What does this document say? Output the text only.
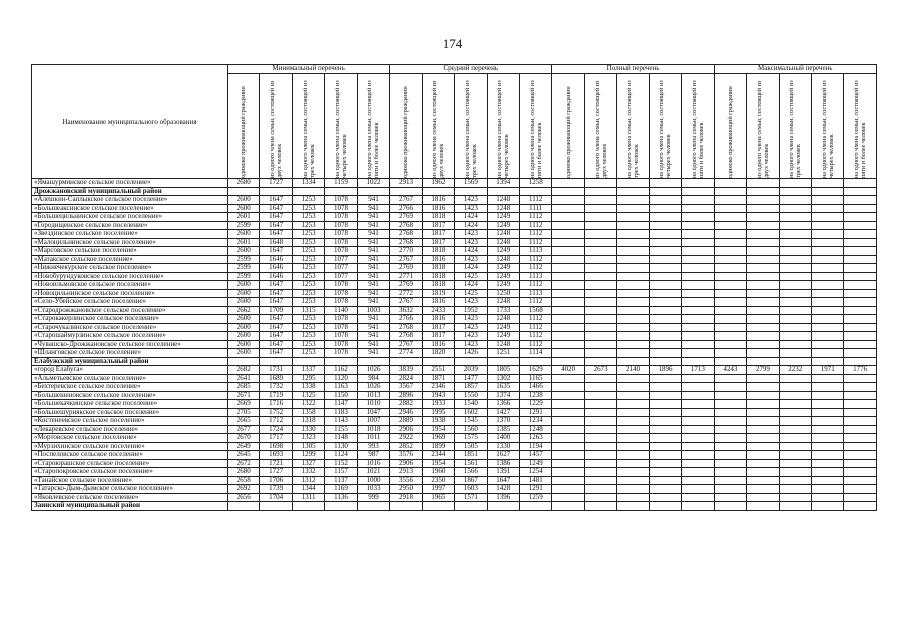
174
Наименование муниципального образования	Минимальный перечень					Средний перечень					Полный перечень					Максимальный перечень				

	одиноко проживающий гражданин	из одного члена семьи, состоящей из двух человек	на одного члена семьи, состоящей из трех человек	на одного члена семьи, состоящей из четырех человек	на одного члена семьи, состоящей из пяти и более человек	одиноко проживающий гражданин	из одного члена семьи, состоящей из двух человек	на одного члена семьи, состоящей из трех человек	на одного члена семьи, состоящей из четырех человек	на одного члена семьи, состоящей из пяти и более человек	одиноко проживающий гражданин	из одного члена семьи, состоящей из двух человек	на одного члена семьи, состоящей из трех человек	на одного члена семьи, состоящей из четырех человек	на одного члена семьи, состоящей из пяти и более человек	одиноко проживающий гражданин	из одного члена семьи, состоящей из двух человек	на одного члена семьи, состоящей из трех человек	на одного члена семьи, состоящей из четырех человек	на одного члена семьи, состоящей из пяти и более человек

«Ямашурминское сельское поселение»	2680	1727	1334	1159	1022	2913	1962	1569	1394	1258										
Дрожжановский муниципальный район																				
«Алешкин-Саплыкское сельское поселение»	2600	1647	1253	1078	941	2767	1816	1423	1248	1112										
«Большеаксинское сельское поселение»	2600	1647	1253	1078	941	2766	1816	1423	1248	1111										
«Большецильнинское сельское поселение»	2601	1647	1253	1078	941	2769	1818	1424	1249	1112										
«Городищенское сельское поселение»	2599	1647	1253	1078	941	2768	1817	1424	1249	1112										
«Звездинское сельское поселение»	2600	1647	1253	1078	941	2768	1817	1423	1248	1112										
«Малоцильнинское сельское поселение»	2601	1648	1253	1078	941	2768	1817	1423	1248	1112										
«Марсовское сельское поселение»	2600	1647	1253	1078	941	2770	1818	1424	1249	1113										
«Матакское сельское поселение»	2599	1646	1253	1077	941	2767	1816	1423	1248	1112										
«Нижнечекурское сельское поселение»	2599	1646	1253	1077	941	2769	1818	1424	1249	1112										
«Новобурундуковское сельское поселение»	2599	1646	1253	1077	941	2771	1818	1425	1249	1113										
«Новоильмовское сельское поселение»	2600	1647	1253	1078	941	2769	1818	1424	1249	1112										
«Новоцильнинское сельское поселение»	2600	1647	1253	1078	941	2772	1819	1425	1250	1113										
«Село-Убейское сельское поселение»	2600	1647	1253	1078	941	2767	1816	1423	1248	1112										
«Стародрожжановское сельское поселение»	2662	1709	1315	1140	1003	3632	2433	1952	1733	1568										
«Старокакерлинское сельское поселение»	2600	1647	1253	1078	941	2766	1816	1423	1248	1112										
«Старочукалинское сельское поселение»	2600	1647	1253	1078	941	2768	1817	1423	1249	1112										
«Старошаймурзинское сельское поселение»	2600	1647	1253	1078	941	2768	1817	1423	1249	1112										
«Чувашско-Дрожжановское сельское поселение»	2600	1647	1253	1078	941	2767	1816	1423	1248	1112										
«Шланговское сельское поселение»	2600	1647	1253	1078	941	2774	1820	1426	1251	1114										
Елабужский муниципальный район																				
«город Елабуга»	2682	1731	1337	1162	1026	3839	2551	2039	1805	1629	4020	2673	2140	1896	1713	4243	2799	2232	1971	1776
«Альметьевское сельское поселение»	2641	1689	1295	1120	984	2824	1871	1477	1302	1165										
«Бехтеревское сельское поселение»	2685	1732	1338	1163	1026	3567	2346	1857	1635	1466										
«Большешеновское сельское поселение»	2671	1719	1325	1150	1013	2896	1943	1550	1374	1238										
«Большекачкинское сельское поселение»	2669	1716	1322	1147	1010	2882	1933	1540	1366	1229										
«Большешурнякское сельское поселение»	2705	1752	1358	1183	1047	2946	1995	1602	1427	1291										
«Костенеевское сельское поселение»	2665	1712	1318	1143	1007	2889	1938	1545	1370	1234										
«Лекаревское сельское поселение»	2677	1724	1330	1155	1018	2906	1954	1560	1385	1248										
«Мортовское сельское поселение»	2670	1717	1323	1148	1011	2922	1969	1575	1400	1263										
«Мурзихинское сельское поселение»	2649	1698	1305	1130	993	2852	1899	1505	1330	1194										
«Поспеловское сельское поселение»	2645	1693	1299	1124	987	3576	2344	1851	1627	1457										
«Староюрашское сельское поселение»	2672	1721	1327	1152	1016	2906	1954	1561	1386	1249										
«Старопокровское сельское поселение»	2680	1727	1332	1157	1021	2913	1960	1566	1391	1254										
«Танайское сельское поселение»	2658	1706	1312	1137	1000	3556	2350	1867	1647	1481										
«Татарско-Дым-Дымское сельское поселение»	2692	1739	1344	1169	1033	2950	1997	1603	1428	1291										
«Яковлевское сельское поселение»	2656	1704	1311	1136	999	2918	1965	1571	1396	1259										
Заинский муниципальный район																				
